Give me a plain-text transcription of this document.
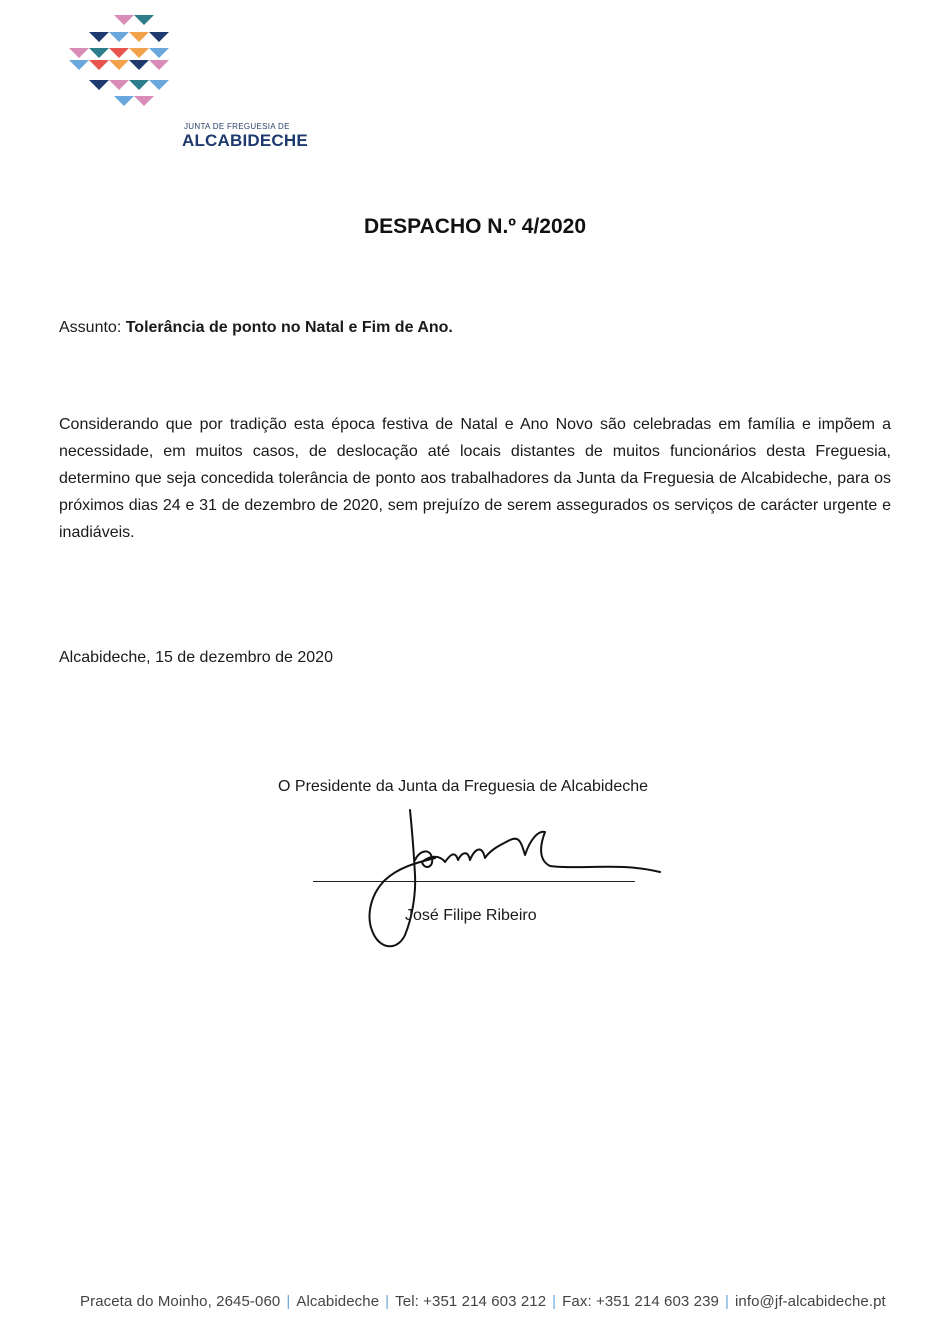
JUNTA DE FREGUESIA DE
ALCABIDECHE
DESPACHO N.º 4/2020
Assunto: Tolerância de ponto no Natal e Fim de Ano.
Considerando que por tradição esta época festiva de Natal e Ano Novo são celebradas em família e impõem a necessidade, em muitos casos, de deslocação até locais distantes de muitos funcionários desta Freguesia, determino que seja concedida tolerância de ponto aos trabalhadores da Junta da Freguesia de Alcabideche, para os próximos dias 24 e 31 de dezembro de 2020, sem prejuízo de serem assegurados os serviços de carácter urgente e inadiáveis.
Alcabideche, 15 de dezembro de 2020
O Presidente da Junta da Freguesia de Alcabideche
José Filipe Ribeiro
Praceta do Moinho, 2645-060 | Alcabideche | Tel: +351 214 603 212 | Fax: +351 214 603 239 | info@jf-alcabideche.pt
